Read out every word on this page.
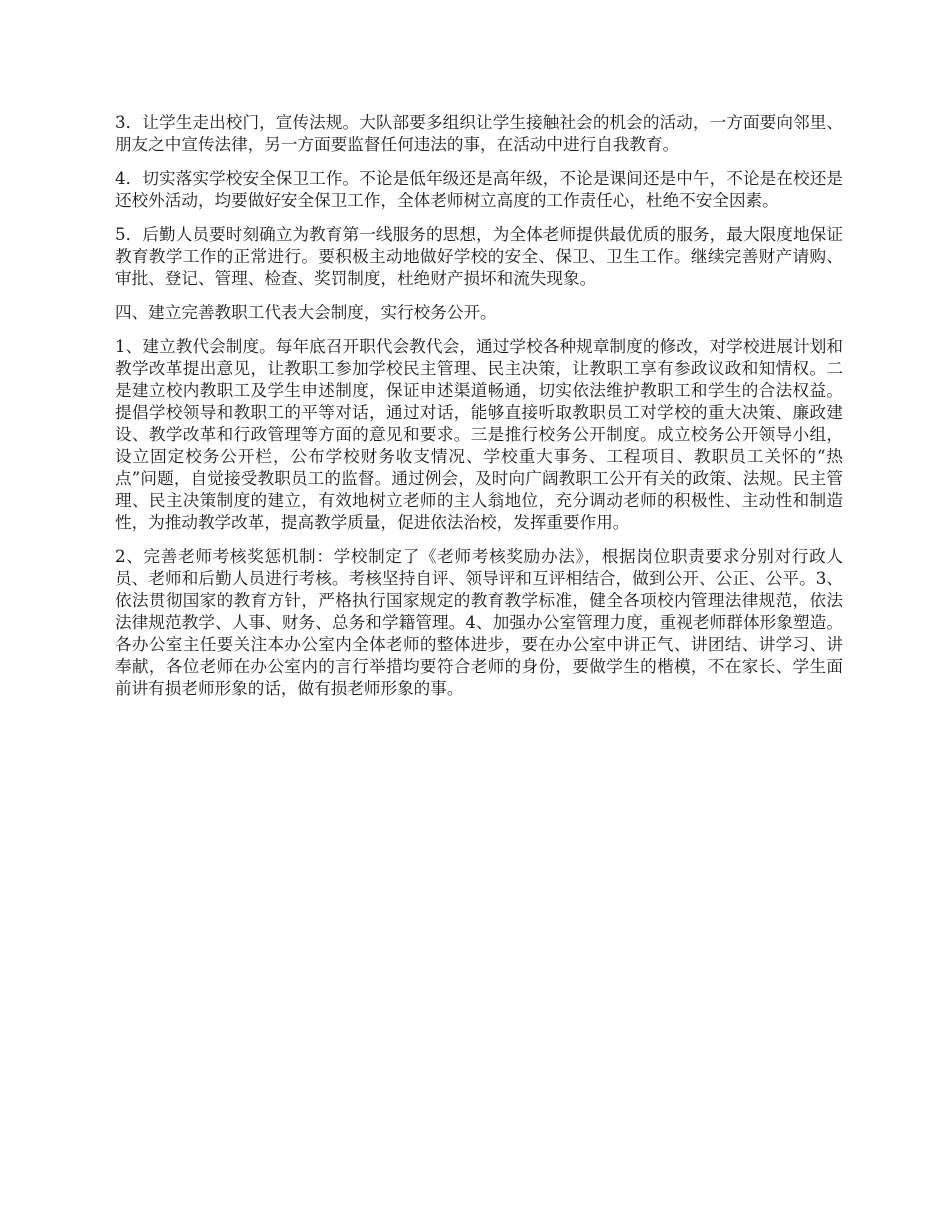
3．让学生走出校门，宣传法规。大队部要多组织让学生接触社会的机会的活动，一方面要向邻里、朋友之中宣传法律，另一方面要监督任何违法的事，在活动中进行自我教育。

4．切实落实学校安全保卫工作。不论是低年级还是高年级，不论是课间还是中午，不论是在校还是还校外活动，均要做好安全保卫工作，全体老师树立高度的工作责任心，杜绝不安全因素。

5．后勤人员要时刻确立为教育第一线服务的思想，为全体老师提供最优质的服务，最大限度地保证教育教学工作的正常进行。要积极主动地做好学校的安全、保卫、卫生工作。继续完善财产请购、审批、登记、管理、检查、奖罚制度，杜绝财产损坏和流失现象。

四、建立完善教职工代表大会制度，实行校务公开。

1、建立教代会制度。每年底召开职代会教代会，通过学校各种规章制度的修改，对学校进展计划和教学改革提出意见，让教职工参加学校民主管理、民主决策，让教职工享有参政议政和知情权。二是建立校内教职工及学生申述制度，保证申述渠道畅通，切实依法维护教职工和学生的合法权益。提倡学校领导和教职工的平等对话，通过对话，能够直接听取教职员工对学校的重大决策、廉政建设、教学改革和行政管理等方面的意见和要求。三是推行校务公开制度。成立校务公开领导小组，设立固定校务公开栏，公布学校财务收支情况、学校重大事务、工程项目、教职员工关怀的“热点”问题，自觉接受教职员工的监督。通过例会，及时向广阔教职工公开有关的政策、法规。民主管理、民主决策制度的建立，有效地树立老师的主人翁地位，充分调动老师的积极性、主动性和制造性，为推动教学改革，提高教学质量，促进依法治校，发挥重要作用。

2、完善老师考核奖惩机制：学校制定了《老师考核奖励办法》，根据岗位职责要求分别对行政人员、老师和后勤人员进行考核。考核坚持自评、领导评和互评相结合，做到公开、公正、公平。3、依法贯彻国家的教育方针，严格执行国家规定的教育教学标准，健全各项校内管理法律规范，依法法律规范教学、人事、财务、总务和学籍管理。4、加强办公室管理力度，重视老师群体形象塑造。各办公室主任要关注本办公室内全体老师的整体进步，要在办公室中讲正气、讲团结、讲学习、讲奉献，各位老师在办公室内的言行举措均要符合老师的身份，要做学生的楷模，不在家长、学生面前讲有损老师形象的话，做有损老师形象的事。
